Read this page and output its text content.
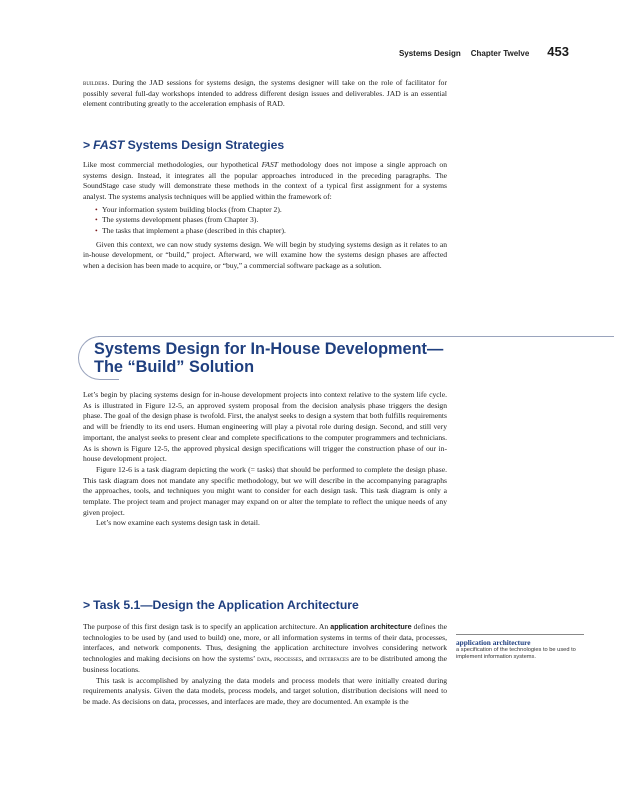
Systems Design Chapter Twelve 453

builders. During the JAD sessions for systems design, the systems designer will take on the role of facilitator for possibly several full-day workshops intended to address different design issues and deliverables. JAD is an essential element contributing greatly to the acceleration emphasis of RAD.

> FAST Systems Design Strategies

Like most commercial methodologies, our hypothetical FAST methodology does not impose a single approach on systems design. Instead, it integrates all the popular approaches introduced in the preceding paragraphs. The SoundStage case study will demonstrate these methods in the context of a typical first assignment for a systems analyst. The systems analysis techniques will be applied within the framework of:

• Your information system building blocks (from Chapter 2).
• The systems development phases (from Chapter 3).
• The tasks that implement a phase (described in this chapter).

Given this context, we can now study systems design. We will begin by studying systems design as it relates to an in-house development, or “build,” project. Afterward, we will examine how the systems design phases are affected when a decision has been made to acquire, or “buy,” a commercial software package as a solution.

Systems Design for In-House Development—
The “Build” Solution

Let’s begin by placing systems design for in-house development projects into context relative to the system life cycle. As is illustrated in Figure 12-5, an approved system proposal from the decision analysis phase triggers the design phase. The goal of the design phase is twofold. First, the analyst seeks to design a system that both fulfills requirements and will be friendly to its end users. Human engineering will play a pivotal role during design. Second, and still very important, the analyst seeks to present clear and complete specifications to the computer programmers and technicians. As is shown is Figure 12-5, the approved physical design specifications will trigger the construction phase of our in-house development project.

Figure 12-6 is a task diagram depicting the work (= tasks) that should be performed to complete the design phase. This task diagram does not mandate any specific methodology, but we will describe in the accompanying paragraphs the approaches, tools, and techniques you might want to consider for each design task. This task diagram is only a template. The project team and project manager may expand on or alter the template to reflect the unique needs of any given project.

Let’s now examine each systems design task in detail.

> Task 5.1—Design the Application Architecture

The purpose of this first design task is to specify an application architecture. An application architecture defines the technologies to be used by (and used to build) one, more, or all information systems in terms of their data, processes, interfaces, and network components. Thus, designing the application architecture involves considering network technologies and making decisions on how the systems’ data, processes, and interfaces are to be distributed among the business locations.

This task is accomplished by analyzing the data models and process models that were initially created during requirements analysis. Given the data models, process models, and target solution, distribution decisions will need to be made. As decisions on data, processes, and interfaces are made, they are documented. An example is the

application architecture
a specification of the technologies to be used to implement information systems.
